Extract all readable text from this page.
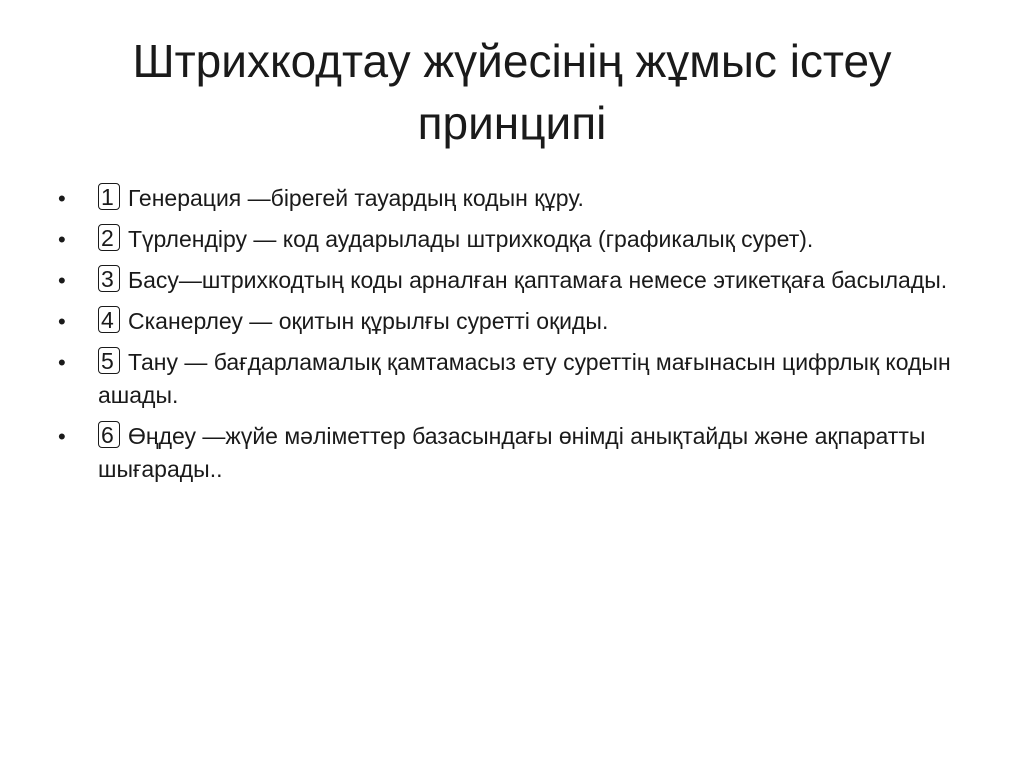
Штрихкодтау жүйесінің жұмыс істеу принципі
• 1 Генерация —бірегей тауардың кодын құру.
• 2 Түрлендіру — код аударылады штрихкодқа (графикалық сурет).
• 3 Басу—штрихкодтың коды арналған қаптамаға немесе этикетқаға басылады.
• 4 Сканерлеу — оқитын құрылғы суретті оқиды.
• 5 Тану — бағдарламалық қамтамасыз ету суреттің мағынасын цифрлық кодын ашады.
• 6 Өңдеу —жүйе мәліметтер базасындағы өнімді анықтайды және ақпаратты шығарады..
